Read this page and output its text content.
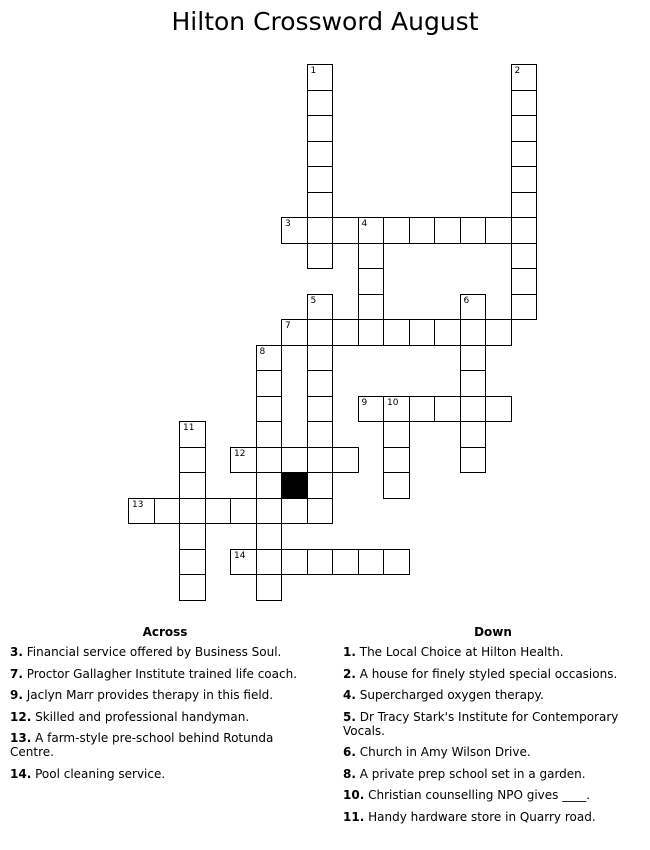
Hilton Crossword August
1	2
3	4
5	6
7
8
9 10
11
12
13
14
Across
3. Financial service offered by Business Soul.
7. Proctor Gallagher Institute trained life coach.
9. Jaclyn Marr provides therapy in this field.
12. Skilled and professional handyman.
13. A farm-style pre-school behind Rotunda Centre.
14. Pool cleaning service.
Down
1. The Local Choice at Hilton Health.
2. A house for finely styled special occasions.
4. Supercharged oxygen therapy.
5. Dr Tracy Stark's Institute for Contemporary Vocals.
6. Church in Amy Wilson Drive.
8. A private prep school set in a garden.
10. Christian counselling NPO gives ____.
11. Handy hardware store in Quarry road.
